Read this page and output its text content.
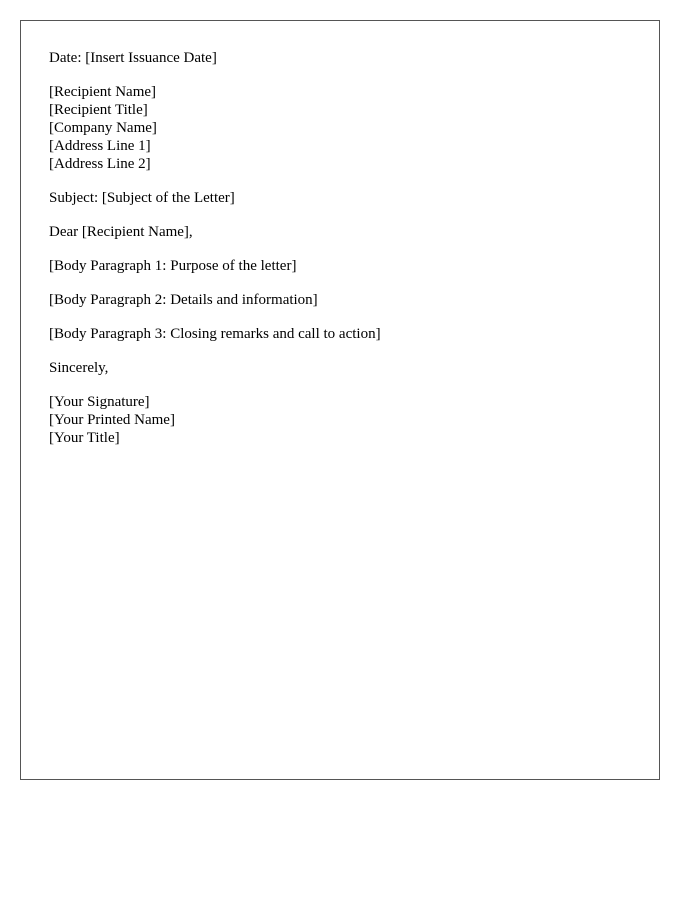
Date: [Insert Issuance Date]
[Recipient Name]
[Recipient Title]
[Company Name]
[Address Line 1]
[Address Line 2]
Subject: [Subject of the Letter]
Dear [Recipient Name],
[Body Paragraph 1: Purpose of the letter]
[Body Paragraph 2: Details and information]
[Body Paragraph 3: Closing remarks and call to action]
Sincerely,
[Your Signature]
[Your Printed Name]
[Your Title]
